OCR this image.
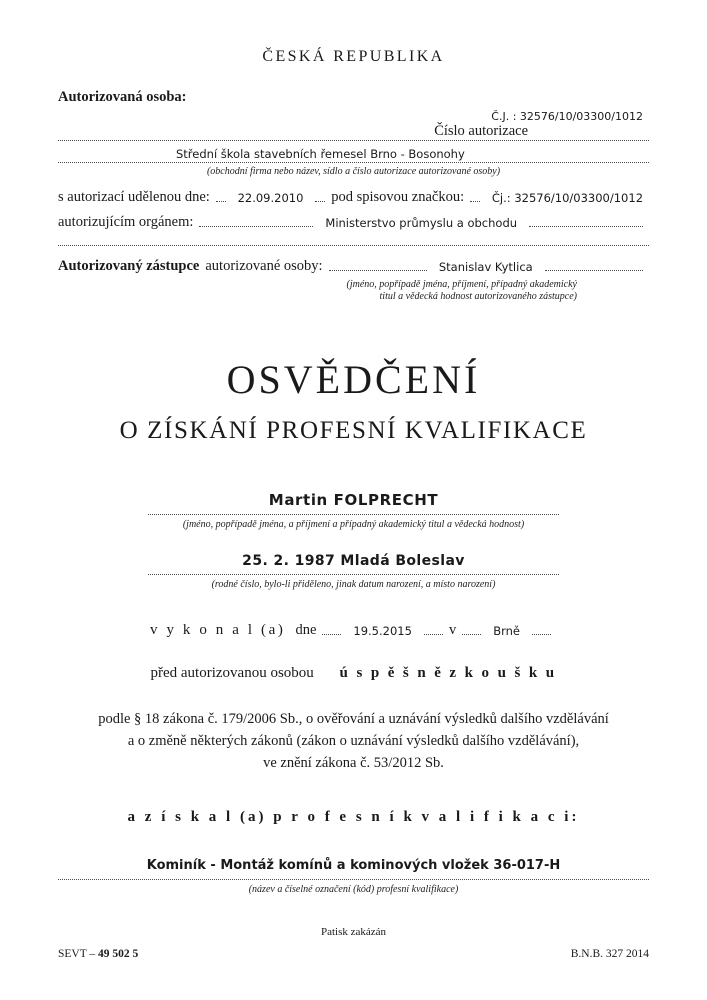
ČESKÁ REPUBLIKA
Autorizovaná osoba:
Č.J. : 32576/10/03300/1012
Číslo autorizace
Střední škola stavebních řemesel Brno - Bosonohy
(obchodní firma nebo název, sídlo a číslo autorizace autorizované osoby)
s autorizací udělenou dne:	22.09.2010	pod spisovou značkou:	Čj.: 32576/10/03300/1012
autorizujícím orgánem:	Ministerstvo průmyslu a obchodu
Autorizovaný zástupce autorizované osoby:	Stanislav Kytlica
(jméno, popřípadě jména, příjmení, případný akademický
titul a vědecká hodnost autorizovaného zástupce)
OSVĚDČENÍ
O ZÍSKÁNÍ PROFESNÍ KVALIFIKACE
Martin FOLPRECHT
(jméno, popřípadě jména, a příjmení a případný akademický titul a vědecká hodnost)
25. 2. 1987 Mladá Boleslav
(rodné číslo, bylo-li přiděleno, jinak datum narození, a místo narození)
v y k o n a l (a) dne	19.5.2015	v	Brně
před autorizovanou osobou ú s p ě š n ě z k o u š k u
podle § 18 zákona č. 179/2006 Sb., o ověřování a uznávání výsledků dalšího vzdělávání
a o změně některých zákonů (zákon o uznávání výsledků dalšího vzdělávání),
ve znění zákona č. 53/2012 Sb.
a z í s k a l (a) p r o f e s n í k v a l i f i k a c i:
Kominík - Montáž komínů a kominových vložek 36-017-H
(název a číselné označení (kód) profesní kvalifikace)
Patisk zakázán
SEVT – 49 502 5	B.N.B. 327 2014
